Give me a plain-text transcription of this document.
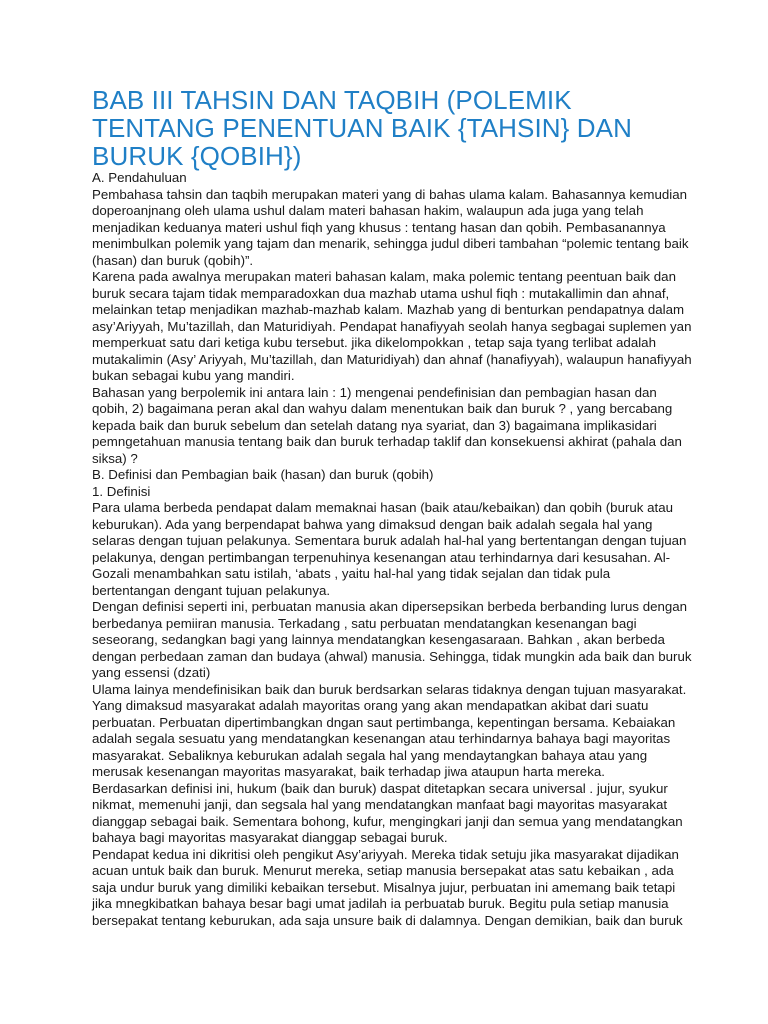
BAB III TAHSIN DAN TAQBIH (POLEMIK TENTANG PENENTUAN BAIK {TAHSIN} DAN BURUK {QOBIH})

A. Pendahuluan

Pembahasa tahsin dan taqbih merupakan materi yang di bahas ulama kalam. Bahasannya kemudian doperoanjnang oleh ulama ushul dalam materi bahasan hakim, walaupun ada juga yang telah menjadikan keduanya materi ushul fiqh yang khusus : tentang hasan dan qobih. Pembasanannya menimbulkan polemik yang tajam dan menarik, sehingga judul diberi tambahan “polemic tentang baik (hasan) dan buruk (qobih)”.

Karena pada awalnya merupakan materi bahasan kalam, maka polemic tentang peentuan baik dan buruk secara tajam tidak memparadoxkan dua mazhab utama ushul fiqh : mutakallimin dan ahnaf, melainkan tetap menjadikan mazhab-mazhab kalam. Mazhab yang di benturkan pendapatnya dalam asy’Ariyyah, Mu’tazillah, dan Maturidiyah. Pendapat hanafiyyah seolah hanya segbagai suplemen yan memperkuat satu dari ketiga kubu tersebut. jika dikelompokkan , tetap saja tyang terlibat adalah mutakalimin (Asy’ Ariyyah, Mu’tazillah, dan Maturidiyah) dan ahnaf (hanafiyyah), walaupun hanafiyyah bukan sebagai kubu yang mandiri.

Bahasan yang berpolemik ini antara lain : 1) mengenai pendefinisian dan pembagian hasan dan qobih, 2) bagaimana peran akal dan wahyu dalam menentukan baik dan buruk ? , yang bercabang kepada baik dan buruk sebelum dan setelah datang nya syariat, dan 3) bagaimana implikasidari pemngetahuan manusia tentang baik dan buruk terhadap taklif dan konsekuensi akhirat (pahala dan siksa) ?

B. Definisi dan Pembagian baik (hasan) dan buruk (qobih)

1. Definisi

Para ulama berbeda pendapat dalam memaknai hasan (baik atau/kebaikan) dan qobih (buruk atau keburukan). Ada yang berpendapat bahwa yang dimaksud dengan baik adalah segala hal yang selaras dengan tujuan pelakunya. Sementara buruk adalah hal-hal yang bertentangan dengan tujuan pelakunya, dengan pertimbangan terpenuhinya kesenangan atau terhindarnya dari kesusahan. Al-Gozali menambahkan satu istilah, ‘abats , yaitu hal-hal yang tidak sejalan dan tidak pula bertentangan dengant tujuan pelakunya.

Dengan definisi seperti ini, perbuatan manusia akan dipersepsikan berbeda berbanding lurus dengan berbedanya pemiiran manusia. Terkadang , satu perbuatan mendatangkan kesenangan bagi seseorang, sedangkan bagi yang lainnya mendatangkan kesengasaraan. Bahkan , akan berbeda dengan perbedaan zaman dan budaya (ahwal) manusia. Sehingga, tidak mungkin ada baik dan buruk yang essensi (dzati)

Ulama lainya mendefinisikan baik dan buruk berdsarkan selaras tidaknya dengan tujuan masyarakat. Yang dimaksud masyarakat adalah mayoritas orang yang akan mendapatkan akibat dari suatu perbuatan. Perbuatan dipertimbangkan dngan saut pertimbanga, kepentingan bersama. Kebaiakan adalah segala sesuatu yang mendatangkan kesenangan atau terhindarnya bahaya bagi mayoritas masyarakat. Sebaliknya keburukan adalah segala hal yang mendaytangkan bahaya atau yang merusak kesenangan mayoritas masyarakat, baik terhadap jiwa ataupun harta mereka.

Berdasarkan definisi ini, hukum (baik dan buruk) daspat ditetapkan secara universal . jujur, syukur nikmat, memenuhi janji, dan segsala hal yang mendatangkan manfaat bagi mayoritas masyarakat dianggap sebagai baik. Sementara bohong, kufur, mengingkari janji dan semua yang mendatangkan bahaya bagi mayoritas masyarakat dianggap sebagai buruk.

Pendapat kedua ini dikritisi oleh pengikut Asy’ariyyah. Mereka tidak setuju jika masyarakat dijadikan acuan untuk baik dan buruk. Menurut mereka, setiap manusia bersepakat atas satu kebaikan , ada saja undur buruk yang dimiliki kebaikan tersebut. Misalnya jujur, perbuatan ini amemang baik tetapi jika mnegkibatkan bahaya besar bagi umat jadilah ia perbuatab buruk. Begitu pula setiap manusia bersepakat tentang keburukan, ada saja unsure baik di dalamnya. Dengan demikian, baik dan buruk
